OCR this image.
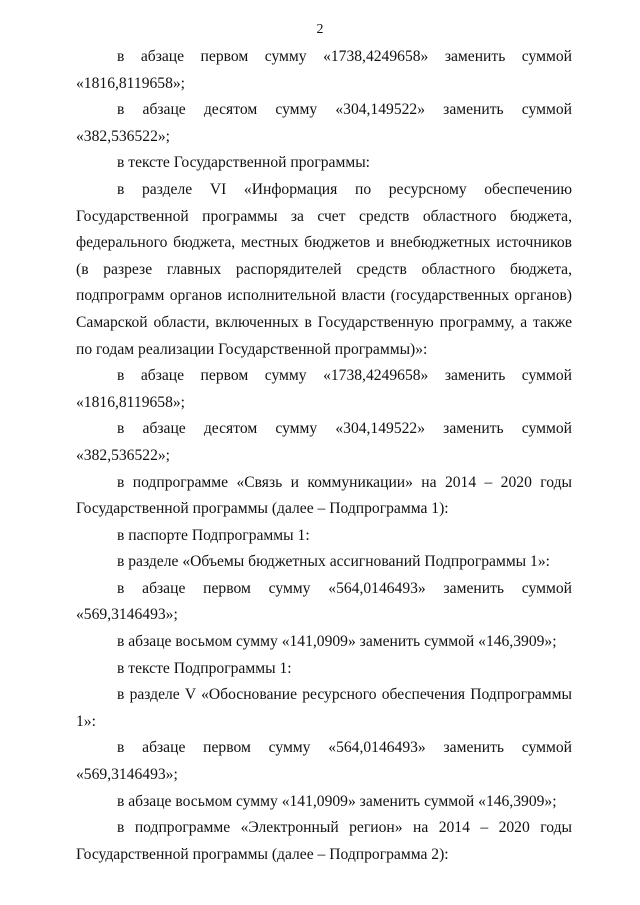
2

в абзаце первом сумму «1738,4249658» заменить суммой «1816,8119658»;

в абзаце десятом сумму «304,149522» заменить суммой «382,536522»;

в тексте Государственной программы:

в разделе VI «Информация по ресурсному обеспечению Государственной программы за счет средств областного бюджета, федерального бюджета, местных бюджетов и внебюджетных источников (в разрезе главных распорядителей средств областного бюджета, подпрограмм органов исполнительной власти (государственных органов) Самарской области, включенных в Государственную программу, а также по годам реализации Государственной программы)»:

в абзаце первом сумму «1738,4249658» заменить суммой «1816,8119658»;

в абзаце десятом сумму «304,149522» заменить суммой «382,536522»;

в подпрограмме «Связь и коммуникации» на 2014 – 2020 годы Государственной программы (далее – Подпрограмма 1):

в паспорте Подпрограммы 1:

в разделе «Объемы бюджетных ассигнований Подпрограммы 1»:

в абзаце первом сумму «564,0146493» заменить суммой «569,3146493»;

в абзаце восьмом сумму «141,0909» заменить суммой «146,3909»;

в тексте Подпрограммы 1:

в разделе V «Обоснование ресурсного обеспечения Подпрограммы 1»:

в абзаце первом сумму «564,0146493» заменить суммой «569,3146493»;

в абзаце восьмом сумму «141,0909» заменить суммой «146,3909»;

в подпрограмме «Электронный регион» на 2014 – 2020 годы Государственной программы (далее – Подпрограмма 2):
